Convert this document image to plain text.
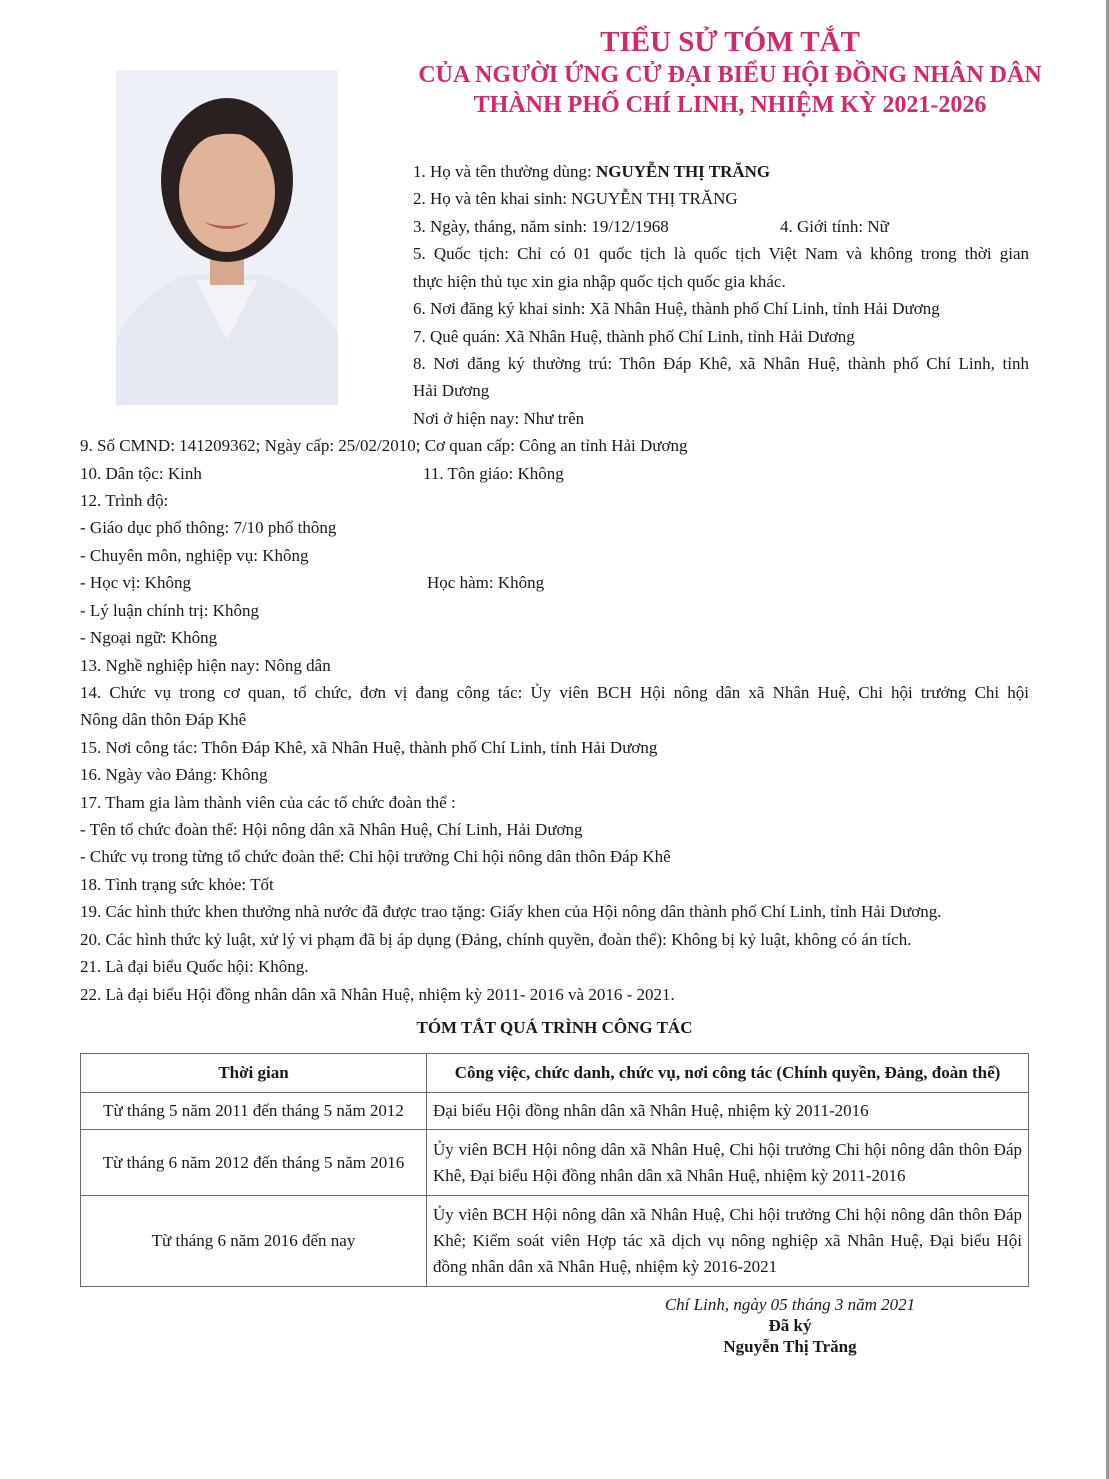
TIỂU SỬ TÓM TẮT
CỦA NGƯỜI ỨNG CỬ ĐẠI BIỂU HỘI ĐỒNG NHÂN DÂN
THÀNH PHỐ CHÍ LINH, NHIỆM KỲ 2021-2026
1. Họ và tên thường dùng: NGUYỄN THỊ TRĂNG
2. Họ và tên khai sinh: NGUYỄN THỊ TRĂNG
3. Ngày, tháng, năm sinh: 19/12/1968	4. Giới tính: Nữ
5. Quốc tịch: Chỉ có 01 quốc tịch là quốc tịch Việt Nam và không trong thời gian
thực hiện thủ tục xin gia nhập quốc tịch quốc gia khác.
6. Nơi đăng ký khai sinh: Xã Nhân Huệ, thành phố Chí Linh, tỉnh Hải Dương
7. Quê quán: Xã Nhân Huệ, thành phố Chí Linh, tỉnh Hải Dương
8. Nơi đăng ký thường trú: Thôn Đáp Khê, xã Nhân Huệ, thành phố Chí Linh, tỉnh
Hải Dương
Nơi ở hiện nay: Như trên
9. Số CMND: 141209362; Ngày cấp: 25/02/2010; Cơ quan cấp: Công an tỉnh Hải Dương
10. Dân tộc: Kinh	11. Tôn giáo: Không
12. Trình độ:
- Giáo dục phổ thông: 7/10 phổ thông
- Chuyên môn, nghiệp vụ: Không
- Học vị: Không	Học hàm: Không
- Lý luận chính trị: Không
- Ngoại ngữ: Không
13. Nghề nghiệp hiện nay: Nông dân
14. Chức vụ trong cơ quan, tổ chức, đơn vị đang công tác: Ủy viên BCH Hội nông dân xã Nhân Huệ, Chi hội trưởng Chi hội
Nông dân thôn Đáp Khê
15. Nơi công tác: Thôn Đáp Khê, xã Nhân Huệ, thành phố Chí Linh, tỉnh Hải Dương
16. Ngày vào Đảng: Không
17. Tham gia làm thành viên của các tổ chức đoàn thể :
- Tên tổ chức đoàn thể: Hội nông dân xã Nhân Huệ, Chí Linh, Hải Dương
- Chức vụ trong từng tổ chức đoàn thể: Chi hội trưởng Chi hội nông dân thôn Đáp Khê
18. Tình trạng sức khỏe: Tốt
19. Các hình thức khen thưởng nhà nước đã được trao tặng: Giấy khen của Hội nông dân thành phố Chí Linh, tỉnh Hải Dương.
20. Các hình thức kỷ luật, xử lý vi phạm đã bị áp dụng (Đảng, chính quyền, đoàn thể): Không bị kỷ luật, không có án tích.
21. Là đại biểu Quốc hội: Không.
22. Là đại biểu Hội đồng nhân dân xã Nhân Huệ, nhiệm kỳ 2011- 2016 và 2016 - 2021.
TÓM TẮT QUÁ TRÌNH CÔNG TÁC
Thời gian	Công việc, chức danh, chức vụ, nơi công tác (Chính quyền, Đảng, đoàn thể)
Từ tháng 5 năm 2011 đến tháng 5 năm 2012	Đại biểu Hội đồng nhân dân xã Nhân Huệ, nhiệm kỳ 2011-2016
Từ tháng 6 năm 2012 đến tháng 5 năm 2016	Ủy viên BCH Hội nông dân xã Nhân Huệ, Chi hội trưởng Chi hội nông dân thôn Đáp Khê, Đại biểu Hội đồng nhân dân xã Nhân Huệ, nhiệm kỳ 2011-2016
Từ tháng 6 năm 2016 đến nay	Ủy viên BCH Hội nông dân xã Nhân Huệ, Chi hội trưởng Chi hội nông dân thôn Đáp Khê; Kiểm soát viên Hợp tác xã dịch vụ nông nghiệp xã Nhân Huệ, Đại biểu Hội đồng nhân dân xã Nhân Huệ, nhiệm kỳ 2016-2021
Chí Linh, ngày 05 tháng 3 năm 2021
Đã ký
Nguyễn Thị Trăng
